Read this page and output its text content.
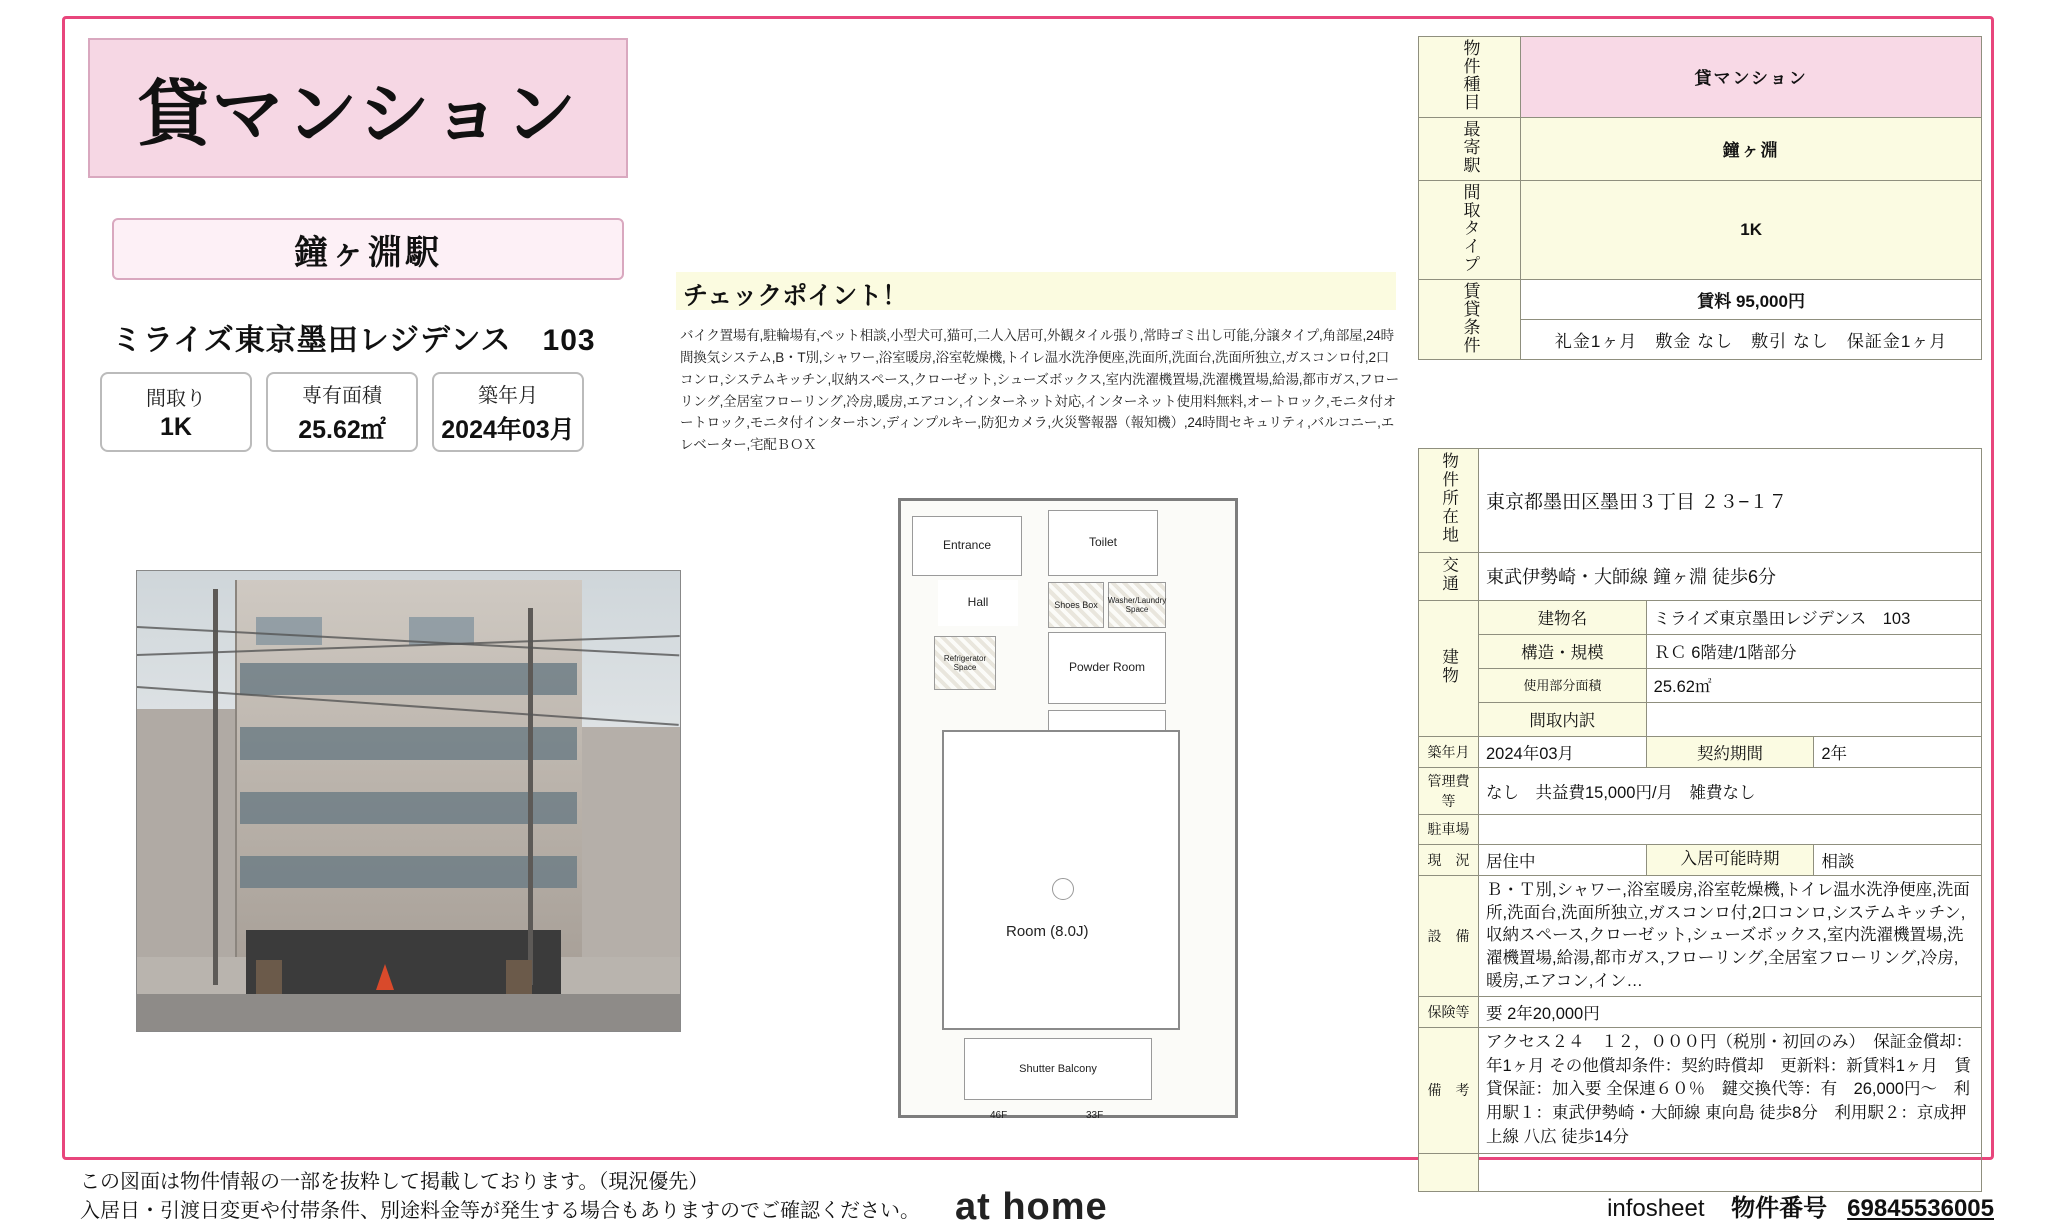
貸マンション
鐘ヶ淵駅
ミライズ東京墨田レジデンス　103
間取り
1K
専有面積
25.62㎡
築年月
2024年03月
チェックポイント！
バイク置場有,駐輪場有,ペット相談,小型犬可,猫可,二人入居可,外観タイル張り,常時ゴミ出し可能,分譲タイプ,角部屋,24時間換気システム,B・T別,シャワー,浴室暖房,浴室乾燥機,トイレ温水洗浄便座,洗面所,洗面台,洗面所独立,ガスコンロ付,2口コンロ,システムキッチン,収納スペース,クローゼット,シューズボックス,室内洗濯機置場,洗濯機置場,給湯,都市ガス,フローリング,全居室フローリング,冷房,暖房,エアコン,インターネット対応,インターネット使用料無料,オートロック,モニタ付オートロック,モニタ付インターホン,ディンプルキー,防犯カメラ,火災警報器（報知機）,24時間セキュリティ,バルコニー,エレベーター,宅配ＢＯＸ
Entrance
Hall
Toilet
Shoes Box Washer/Laundry Space
Powder Room
Refrigerator Space
Room (8.0J)
Shutter Balcony
46F	33F
物件種目	貸マンション
最寄駅	鐘ヶ淵
間取タイプ	1K
賃貸条件	賃料 95,000円
	礼金1ヶ月　敷金 なし　敷引 なし　保証金1ヶ月
物件所在地	東京都墨田区墨田３丁目 ２３−１７		
交通	東武伊勢崎・大師線 鐘ヶ淵 徒歩6分		
建物	建物名	ミライズ東京墨田レジデンス　103	
	構造・規模	ＲＣ 6階建/1階部分	
	使用部分面積	25.62㎡	
	間取内訳		
築年月	2024年03月	契約期間	2年
管理費等	なし　共益費15,000円/月　雑費なし		
駐車場			
現　況	居住中	入居可能時期	相談
設　備	Ｂ・Ｔ別,シャワー,浴室暖房,浴室乾燥機,トイレ温水洗浄便座,洗面所,洗面台,洗面所独立,ガスコンロ付,2口コンロ,システムキッチン,収納スペース,クローゼット,シューズボックス,室内洗濯機置場,洗濯機置場,給湯,都市ガス,フローリング,全居室フローリング,冷房,暖房,エアコン,イン…		
保険等	要 2年20,000円		
備　考	アクセス２４　１２，０００円（税別・初回のみ）　保証金償却：年1ヶ月 その他償却条件：契約時償却　更新料：新賃料1ヶ月　賃貸保証：加入要 全保連６０％　鍵交換代等：有　26,000円～　利用駅１：東武伊勢崎・大師線 東向島 徒歩8分　利用駅２：京成押上線 八広 徒歩14分		

この図面は物件情報の一部を抜粋して掲載しております。（現況優先）
入居日・引渡日変更や付帯条件、別途料金等が発生する場合もありますのでご確認ください。 at home	infosheet 物件番号 69845536005
